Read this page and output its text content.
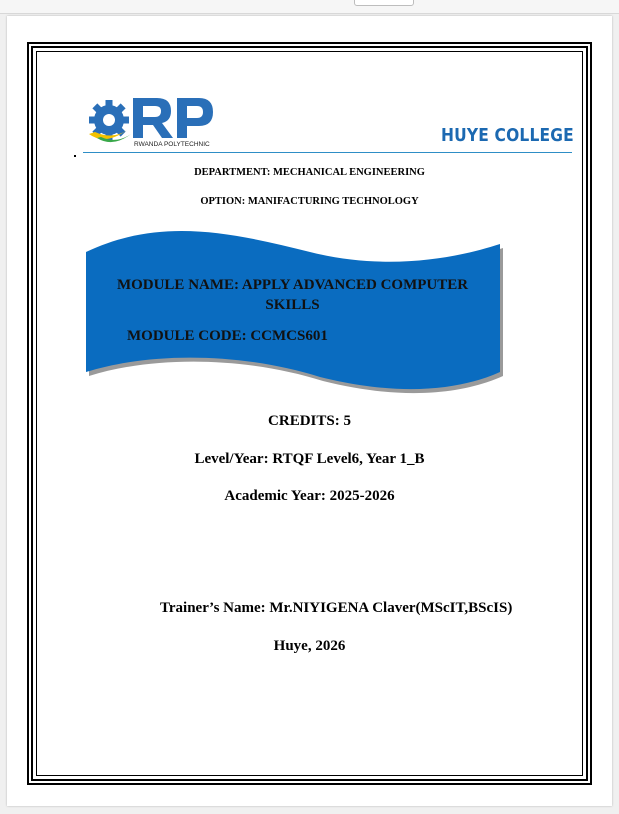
RWANDA POLYTECHNIC	HUYE COLLEGE
DEPARTMENT: MECHANICAL ENGINEERING
OPTION: MANIFACTURING TECHNOLOGY
MODULE NAME: APPLY ADVANCED COMPUTER SKILLS
MODULE CODE: CCMCS601
CREDITS: 5
Level/Year: RTQF Level6, Year 1_B
Academic Year: 2025-2026
Trainer’s Name: Mr.NIYIGENA Claver(MScIT,BScIS)
Huye, 2026
